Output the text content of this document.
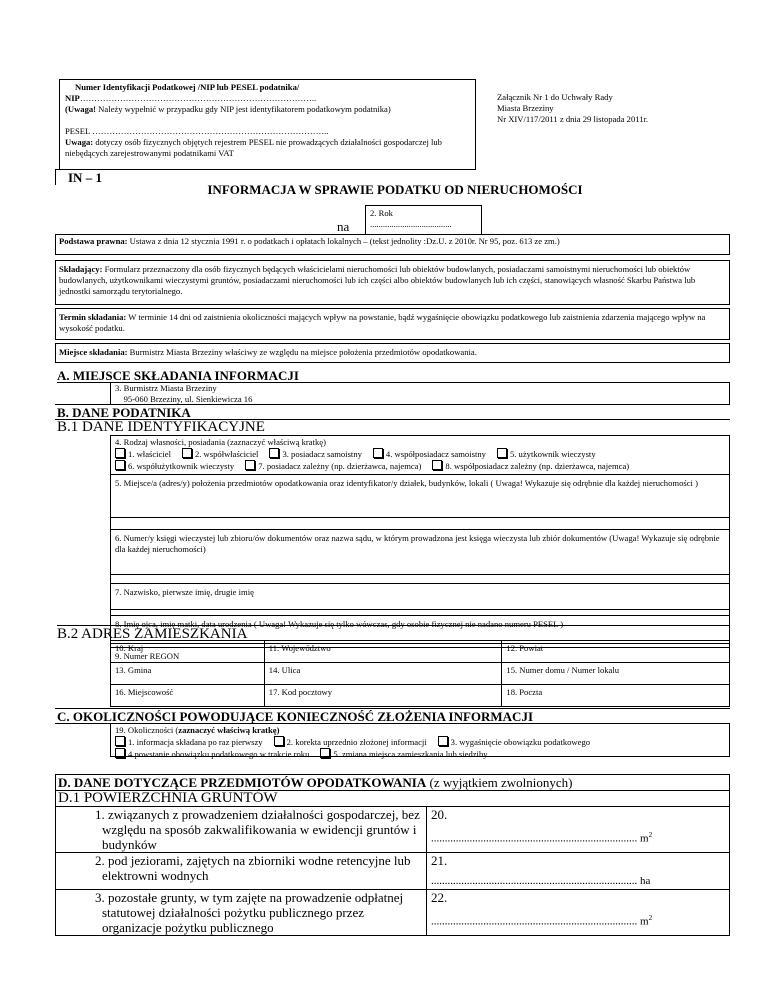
Numer Identyfikacji Podatkowej /NIP lub PESEL podatnika/
NIP………………………………………………………………………..
(Uwaga! Należy wypełnić w przypadku gdy NIP jest identyfikatorem podatkowym podatnika)
PESEL ………………………………………………………………………..
Uwaga: dotyczy osób fizycznych objętych rejestrem PESEL nie prowadzących działalności gospodarczej lub niebędących zarejestrowanymi podatnikami VAT
Załącznik Nr 1 do Uchwały Rady
Miasta Brzeziny
Nr XIV/117/2011 z dnia 29 listopada 2011r.
IN – 1
INFORMACJA W SPRAWIE PODATKU OD NIERUCHOMOŚCI
na
2. Rok
......................................
Podstawa prawna: Ustawa z dnia 12 stycznia 1991 r. o podatkach i opłatach lokalnych – (tekst jednolity :Dz.U. z 2010r. Nr 95, poz. 613 ze zm.)
Składający: Formularz przeznaczony dla osób fizycznych będących właścicielami nieruchomości lub obiektów budowlanych, posiadaczami samoistnymi nieruchomości lub obiektów budowlanych, użytkownikami wieczystymi gruntów, posiadaczami nieruchomości lub ich części albo obiektów budowlanych lub ich części, stanowiących własność Skarbu Państwa lub jednostki samorządu terytorialnego.
Termin składania: W terminie 14 dni od zaistnienia okoliczności mających wpływ na powstanie, bądź wygaśnięcie obowiązku podatkowego lub zaistnienia zdarzenia mającego wpływ na wysokość podatku.
Miejsce składania: Burmistrz Miasta Brzeziny właściwy ze względu na miejsce położenia przedmiotów opodatkowania.
A. MIEJSCE SKŁADANIA INFORMACJI
3. Burmistrz Miasta Brzeziny
95-060 Brzeziny, ul. Sienkiewicza 16
B. DANE PODATNIKA
B.1 DANE IDENTYFIKACYJNE
4. Rodzaj własności, posiadania (zaznaczyć właściwą kratkę)
1. właściciel	2. współwłaściciel	3. posiadacz samoistny	4. współposiadacz samoistny	5. użytkownik wieczysty
6. współużytkownik wieczysty	7. posiadacz zależny (np. dzierżawca, najemca)	8. współposiadacz zależny (np. dzierżawca, najemca)
5. Miejsce/a (adres/y) położenia przedmiotów opodatkowania oraz identyfikator/y działek, budynków, lokali ( Uwaga! Wykazuje się odrębnie dla każdej nieruchomości )
6. Numer/y księgi wieczystej lub zbioru/ów dokumentów oraz nazwa sądu, w którym prowadzona jest księga wieczysta lub zbiór dokumentów (Uwaga! Wykazuje się odrębnie dla każdej nieruchomości)
7. Nazwisko, pierwsze imię, drugie imię
8. Imię ojca, imię matki, data urodzenia ( Uwaga! Wykazuje się tylko wówczas, gdy osobie fizycznej nie nadano numeru PESEL )
9. Numer REGON
B.2 ADRES ZAMIESZKANIA
10. Kraj	11. Województwo	12. Powiat
13. Gmina	14. Ulica	15. Numer domu / Numer lokalu
16. Miejscowość	17. Kod pocztowy	18. Poczta
C. OKOLICZNOŚCI POWODUJĄCE KONIECZNOŚĆ ZŁOŻENIA INFORMACJI
19. Okoliczności (zaznaczyć właściwą kratkę)
1. informacja składana po raz pierwszy	2. korekta uprzednio złożonej informacji	3. wygaśnięcie obowiązku podatkowego
4.powstanie obowiązku podatkowego w trakcie roku	5. zmiana miejsca zamieszkania lub siedziby
D. DANE DOTYCZĄCE PRZEDMIOTÓW OPODATKOWANIA (z wyjątkiem zwolnionych)
D.1 POWIERZCHNIA GRUNTÓW
1. związanych z prowadzeniem działalności gospodarczej, bez względu na sposób zakwalifikowania w ewidencji gruntów i budynków	20.
........................................................................... $m^2$

2. pod jeziorami, zajętych na zbiorniki wodne retencyjne lub elektrowni wodnych	21.
........................................................................... ha

3. pozostałe grunty, w tym zajęte na prowadzenie odpłatnej statutowej działalności pożytku publicznego przez organizacje pożytku publicznego	22.
........................................................................... $m^2$
